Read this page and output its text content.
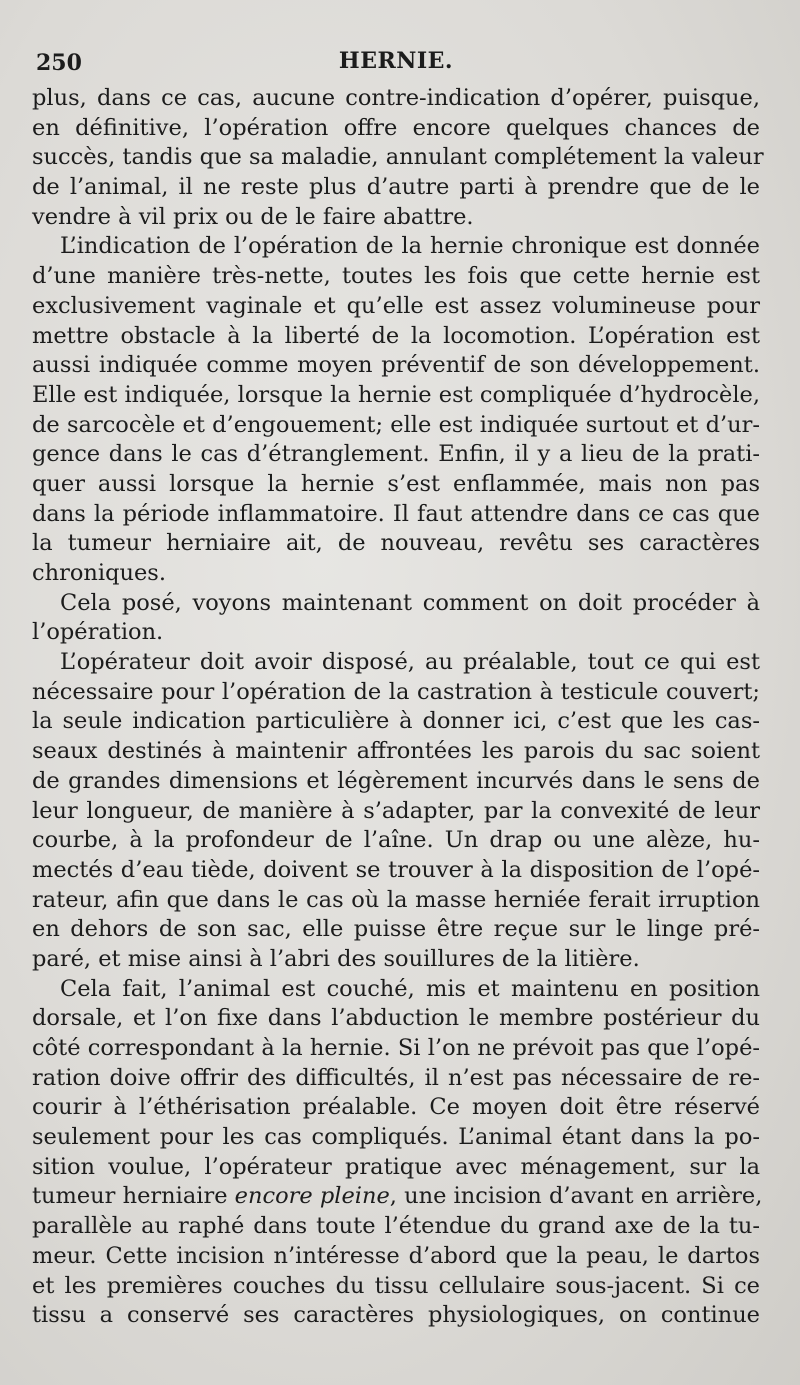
250	HERNIE.
plus, dans ce cas, aucune contre-indication d’opérer, puisque,
en définitive, l’opération offre encore quelques chances de
succès, tandis que sa maladie, annulant complétement la valeur
de l’animal, il ne reste plus d’autre parti à prendre que de le
vendre à vil prix ou de le faire abattre.
L’indication de l’opération de la hernie chronique est donnée
d’une manière très-nette, toutes les fois que cette hernie est
exclusivement vaginale et qu’elle est assez volumineuse pour
mettre obstacle à la liberté de la locomotion. L’opération est
aussi indiquée comme moyen préventif de son développement.
Elle est indiquée, lorsque la hernie est compliquée d’hydrocèle,
de sarcocèle et d’engouement; elle est indiquée surtout et d’ur-
gence dans le cas d’étranglement. Enfin, il y a lieu de la prati-
quer aussi lorsque la hernie s’est enflammée, mais non pas
dans la période inflammatoire. Il faut attendre dans ce cas que
la tumeur herniaire ait, de nouveau, revêtu ses caractères
chroniques.
Cela posé, voyons maintenant comment on doit procéder à
l’opération.
L’opérateur doit avoir disposé, au préalable, tout ce qui est
nécessaire pour l’opération de la castration à testicule couvert;
la seule indication particulière à donner ici, c’est que les cas-
seaux destinés à maintenir affrontées les parois du sac soient
de grandes dimensions et légèrement incurvés dans le sens de
leur longueur, de manière à s’adapter, par la convexité de leur
courbe, à la profondeur de l’aîne. Un drap ou une alèze, hu-
mectés d’eau tiède, doivent se trouver à la disposition de l’opé-
rateur, afin que dans le cas où la masse herniée ferait irruption
en dehors de son sac, elle puisse être reçue sur le linge pré-
paré, et mise ainsi à l’abri des souillures de la litière.
Cela fait, l’animal est couché, mis et maintenu en position
dorsale, et l’on fixe dans l’abduction le membre postérieur du
côté correspondant à la hernie. Si l’on ne prévoit pas que l’opé-
ration doive offrir des difficultés, il n’est pas nécessaire de re-
courir à l’éthérisation préalable. Ce moyen doit être réservé
seulement pour les cas compliqués. L’animal étant dans la po-
sition voulue, l’opérateur pratique avec ménagement, sur la
tumeur herniaire encore pleine, une incision d’avant en arrière,
parallèle au raphé dans toute l’étendue du grand axe de la tu-
meur. Cette incision n’intéresse d’abord que la peau, le dartos
et les premières couches du tissu cellulaire sous-jacent. Si ce
tissu a conservé ses caractères physiologiques, on continue
